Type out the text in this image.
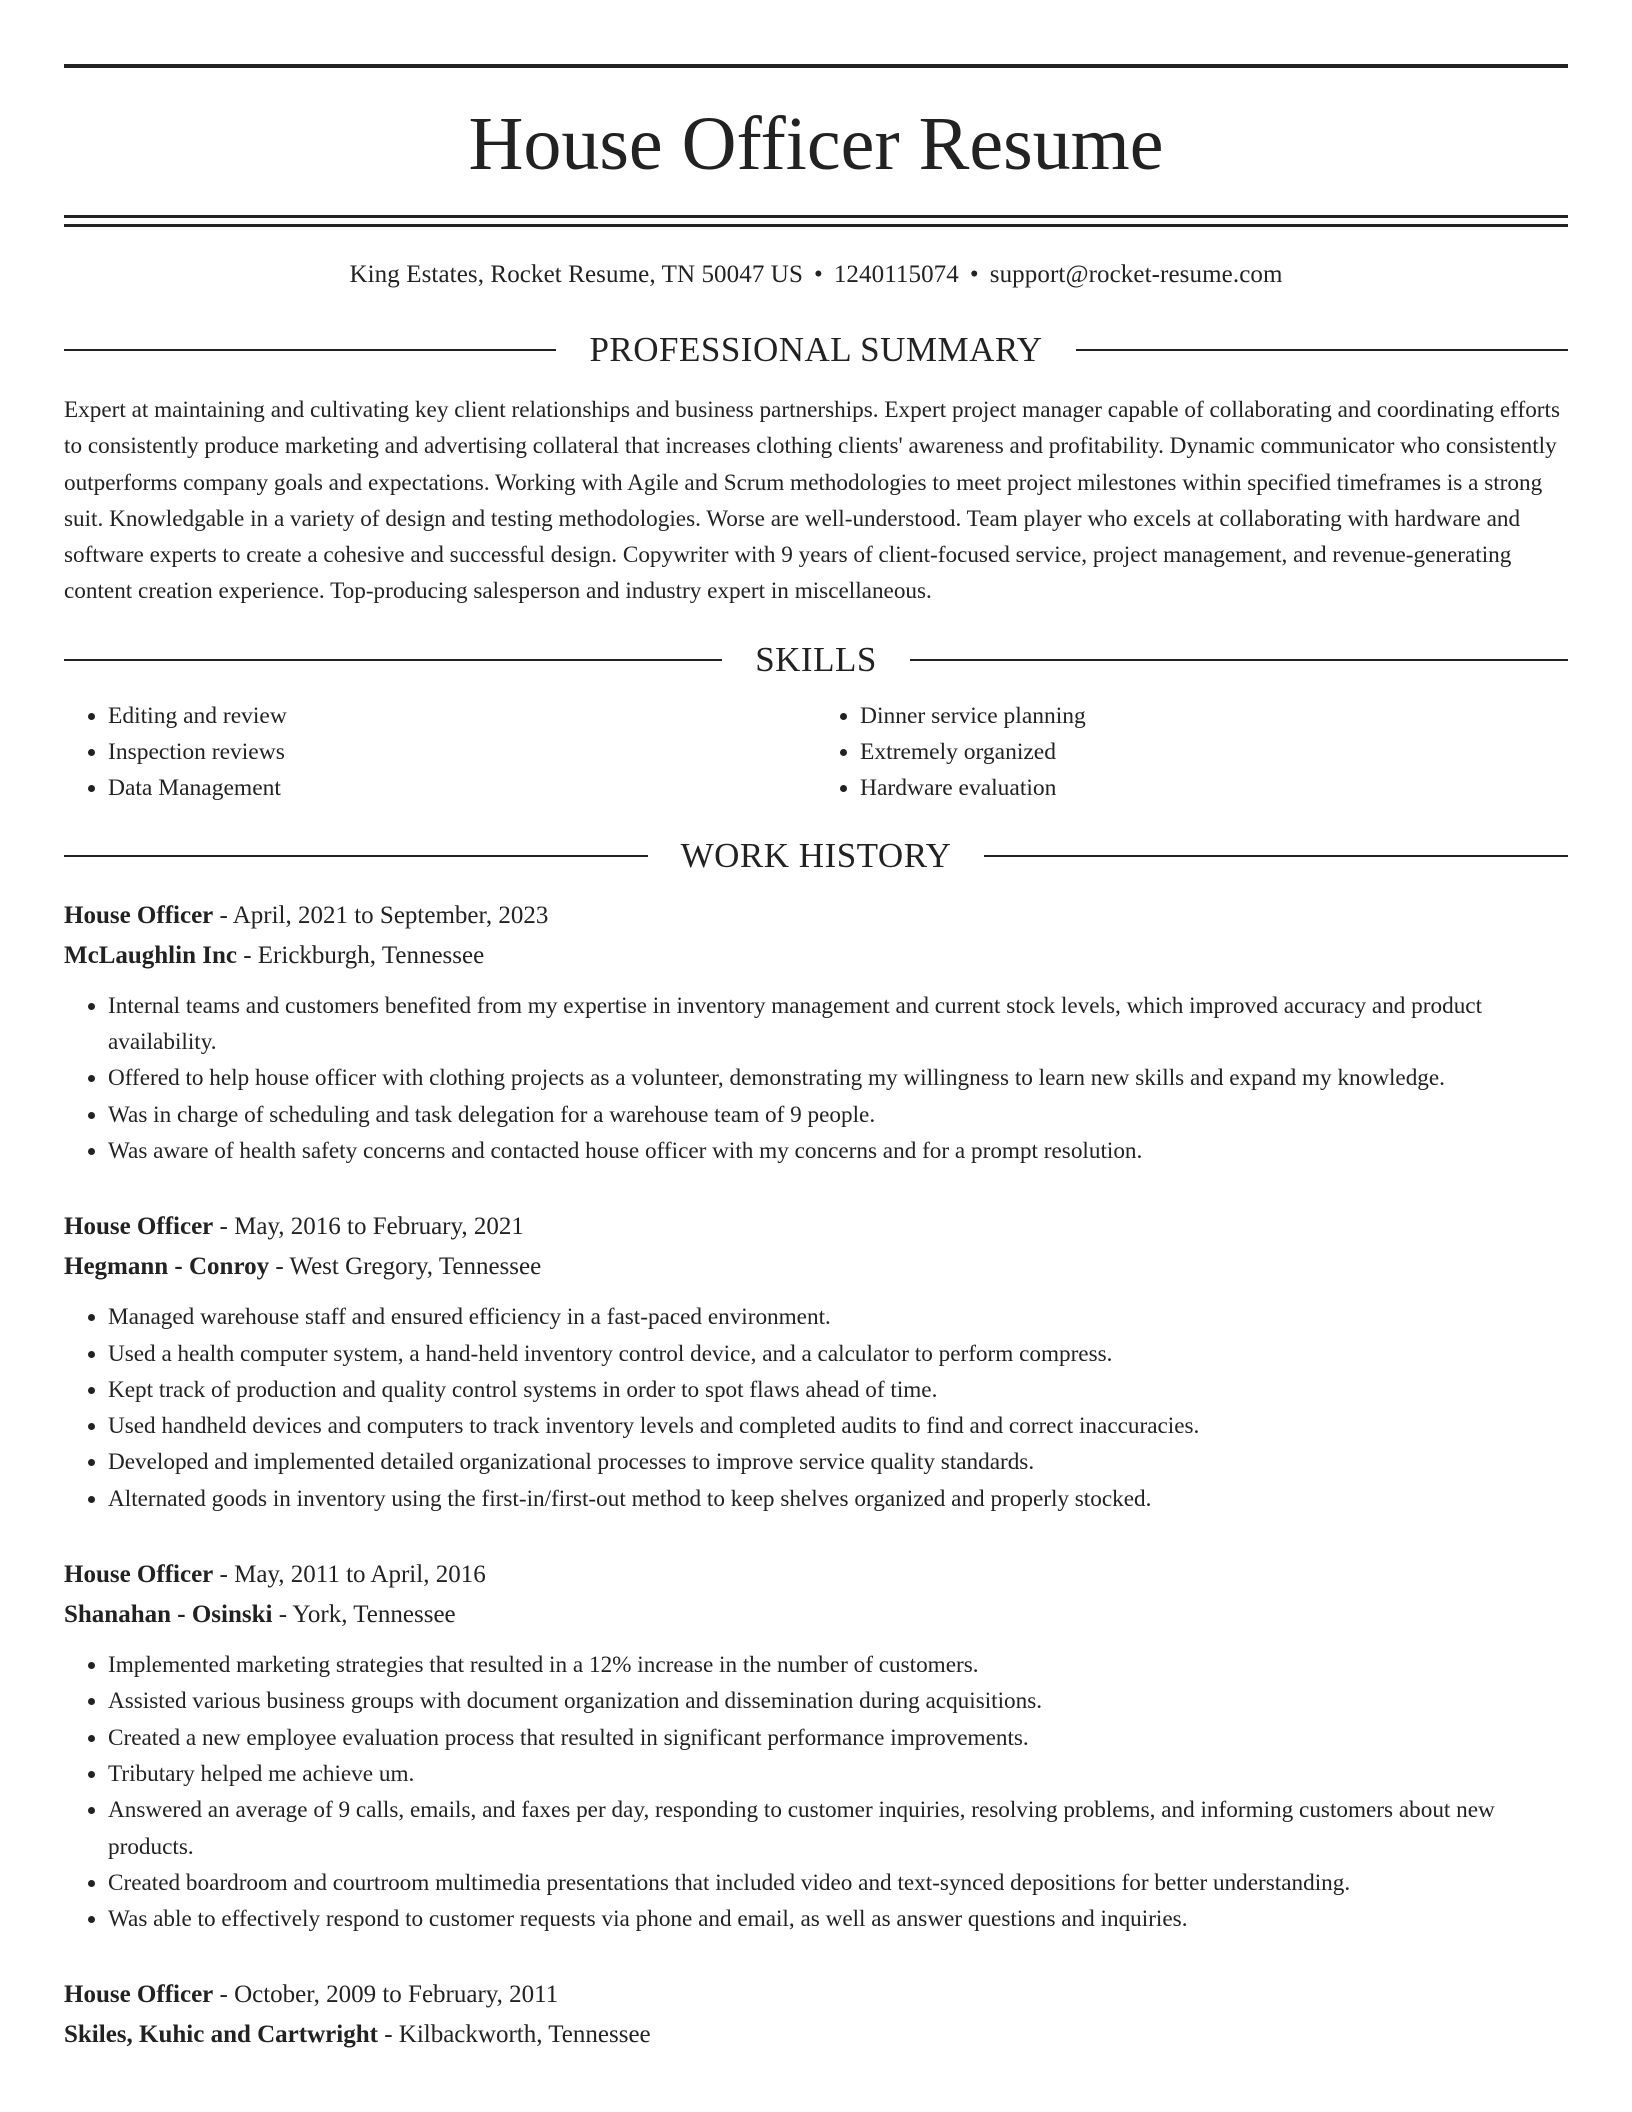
House Officer Resume
King Estates, Rocket Resume, TN 50047 US • 1240115074 • support@rocket-resume.com
PROFESSIONAL SUMMARY
Expert at maintaining and cultivating key client relationships and business partnerships. Expert project manager capable of collaborating and coordinating efforts to consistently produce marketing and advertising collateral that increases clothing clients' awareness and profitability. Dynamic communicator who consistently outperforms company goals and expectations. Working with Agile and Scrum methodologies to meet project milestones within specified timeframes is a strong suit. Knowledgable in a variety of design and testing methodologies. Worse are well-understood. Team player who excels at collaborating with hardware and software experts to create a cohesive and successful design. Copywriter with 9 years of client-focused service, project management, and revenue-generating content creation experience. Top-producing salesperson and industry expert in miscellaneous.
SKILLS
• Editing and review
• Inspection reviews
• Data Management
• Dinner service planning
• Extremely organized
• Hardware evaluation
WORK HISTORY
House Officer - April, 2021 to September, 2023
McLaughlin Inc - Erickburgh, Tennessee
• Internal teams and customers benefited from my expertise in inventory management and current stock levels, which improved accuracy and product availability.
• Offered to help house officer with clothing projects as a volunteer, demonstrating my willingness to learn new skills and expand my knowledge.
• Was in charge of scheduling and task delegation for a warehouse team of 9 people.
• Was aware of health safety concerns and contacted house officer with my concerns and for a prompt resolution.
House Officer - May, 2016 to February, 2021
Hegmann - Conroy - West Gregory, Tennessee
• Managed warehouse staff and ensured efficiency in a fast-paced environment.
• Used a health computer system, a hand-held inventory control device, and a calculator to perform compress.
• Kept track of production and quality control systems in order to spot flaws ahead of time.
• Used handheld devices and computers to track inventory levels and completed audits to find and correct inaccuracies.
• Developed and implemented detailed organizational processes to improve service quality standards.
• Alternated goods in inventory using the first-in/first-out method to keep shelves organized and properly stocked.
House Officer - May, 2011 to April, 2016
Shanahan - Osinski - York, Tennessee
• Implemented marketing strategies that resulted in a 12% increase in the number of customers.
• Assisted various business groups with document organization and dissemination during acquisitions.
• Created a new employee evaluation process that resulted in significant performance improvements.
• Tributary helped me achieve um.
• Answered an average of 9 calls, emails, and faxes per day, responding to customer inquiries, resolving problems, and informing customers about new products.
• Created boardroom and courtroom multimedia presentations that included video and text-synced depositions for better understanding.
• Was able to effectively respond to customer requests via phone and email, as well as answer questions and inquiries.
House Officer - October, 2009 to February, 2011
Skiles, Kuhic and Cartwright - Kilbackworth, Tennessee
